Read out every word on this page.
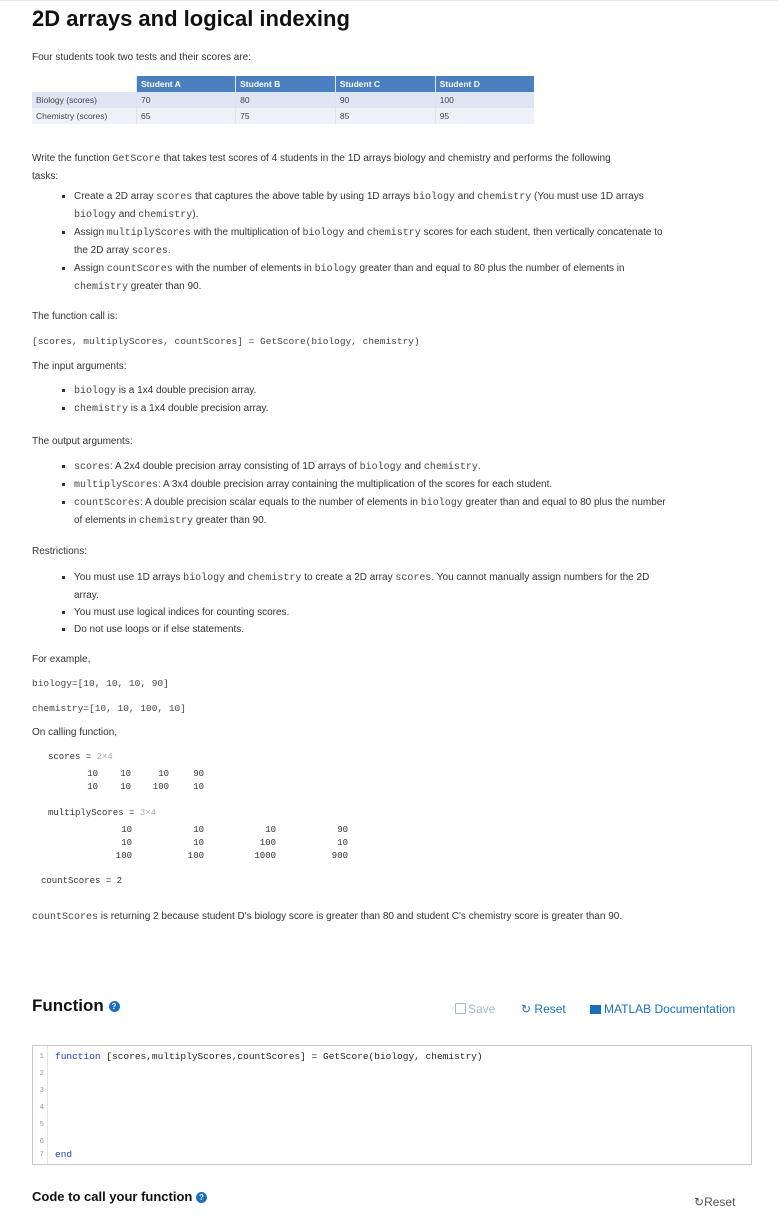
2D arrays and logical indexing
Four students took two tests and their scores are:
	Student A	Student B	Student C	Student D
Biology (scores)	70	80	90	100
Chemistry (scores)	65	75	85	95
Write the function GetScore that takes test scores of 4 students in the 1D arrays biology and chemistry and performs the following
tasks:
Create a 2D array scores that captures the above table by using 1D arrays biology and chemistry (You must use 1D arrays
biology and chemistry).
Assign multiplyScores with the multiplication of biology and chemistry scores for each student, then vertically concatenate to
the 2D array scores.
Assign countScores with the number of elements in biology greater than and equal to 80 plus the number of elements in
chemistry greater than 90.
The function call is:
[scores, multiplyScores, countScores] = GetScore(biology, chemistry)
The input arguments:
biology is a 1x4 double precision array.
chemistry is a 1x4 double precision array.
The output arguments:
scores: A 2x4 double precision array consisting of 1D arrays of biology and chemistry.
multiplyScores: A 3x4 double precision array containing the multiplication of the scores for each student.
countScores: A double precision scalar equals to the number of elements in biology greater than and equal to 80 plus the number
of elements in chemistry greater than 90.
Restrictions:
You must use 1D arrays biology and chemistry to create a 2D array scores. You cannot manually assign numbers for the 2D
array.
You must use logical indices for counting scores.
Do not use loops or if else statements.
For example,
biology=[10, 10, 10, 90]
chemistry=[10, 10, 100, 10]
On calling function,
scores = 2×4
10	10	10	90
10	10	100	10
multiplyScores = 3×4
10	10	10	90
10	10	100	10
100	100	1000	900
countScores = 2
countScores is returning 2 because student D's biology score is greater than 80 and student C's chemistry score is greater than 90.
Function ?	Save ↻ Reset	MATLAB Documentation
1
2
3
4
5
6
7
function [scores,multiplyScores,countScores] = GetScore(biology, chemistry)
end
Code to call your function ?	↻Reset
